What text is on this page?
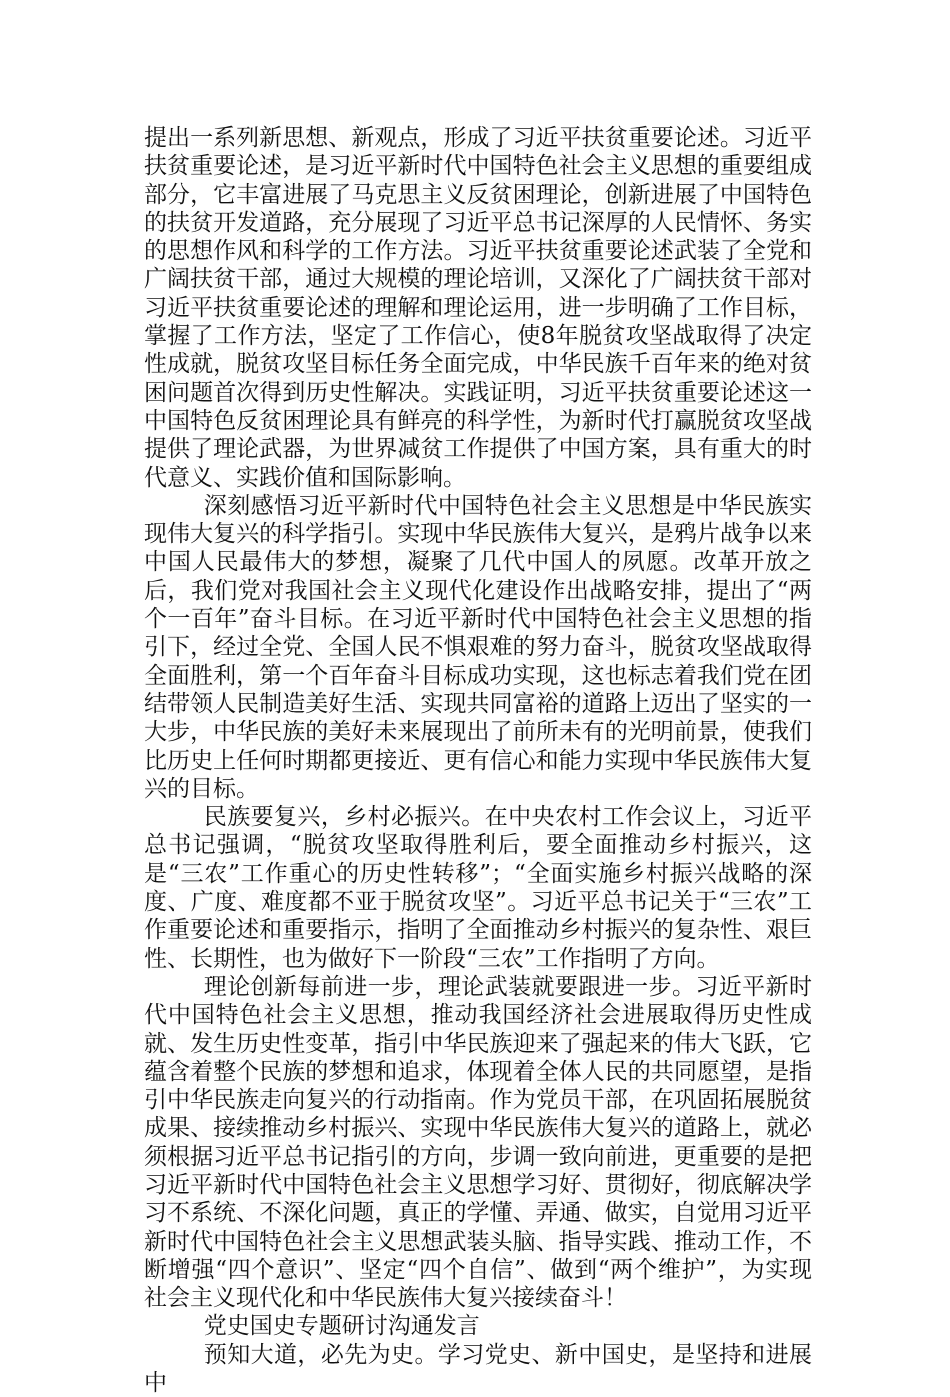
提出一系列新思想、新观点，形成了习近平扶贫重要论述。习近平扶贫重要论述，是习近平新时代中国特色社会主义思想的重要组成部分，它丰富进展了马克思主义反贫困理论，创新进展了中国特色的扶贫开发道路，充分展现了习近平总书记深厚的人民情怀、务实的思想作风和科学的工作方法。习近平扶贫重要论述武装了全党和广阔扶贫干部，通过大规模的理论培训，又深化了广阔扶贫干部对习近平扶贫重要论述的理解和理论运用，进一步明确了工作目标，掌握了工作方法，坚定了工作信心，使8年脱贫攻坚战取得了决定性成就，脱贫攻坚目标任务全面完成，中华民族千百年来的绝对贫困问题首次得到历史性解决。实践证明，习近平扶贫重要论述这一中国特色反贫困理论具有鲜亮的科学性，为新时代打赢脱贫攻坚战提供了理论武器，为世界减贫工作提供了中国方案，具有重大的时代意义、实践价值和国际影响。

深刻感悟习近平新时代中国特色社会主义思想是中华民族实现伟大复兴的科学指引。实现中华民族伟大复兴，是鸦片战争以来中国人民最伟大的梦想，凝聚了几代中国人的夙愿。改革开放之后，我们党对我国社会主义现代化建设作出战略安排，提出了“两个一百年”奋斗目标。在习近平新时代中国特色社会主义思想的指引下，经过全党、全国人民不惧艰难的努力奋斗，脱贫攻坚战取得全面胜利，第一个百年奋斗目标成功实现，这也标志着我们党在团结带领人民制造美好生活、实现共同富裕的道路上迈出了坚实的一大步，中华民族的美好未来展现出了前所未有的光明前景，使我们比历史上任何时期都更接近、更有信心和能力实现中华民族伟大复兴的目标。

民族要复兴，乡村必振兴。在中央农村工作会议上，习近平总书记强调，“脱贫攻坚取得胜利后，要全面推动乡村振兴，这是“三农”工作重心的历史性转移”；“全面实施乡村振兴战略的深度、广度、难度都不亚于脱贫攻坚”。习近平总书记关于“三农”工作重要论述和重要指示，指明了全面推动乡村振兴的复杂性、艰巨性、长期性，也为做好下一阶段“三农”工作指明了方向。

理论创新每前进一步，理论武装就要跟进一步。习近平新时代中国特色社会主义思想，推动我国经济社会进展取得历史性成就、发生历史性变革，指引中华民族迎来了强起来的伟大飞跃，它蕴含着整个民族的梦想和追求，体现着全体人民的共同愿望，是指引中华民族走向复兴的行动指南。作为党员干部，在巩固拓展脱贫成果、接续推动乡村振兴、实现中华民族伟大复兴的道路上，就必须根据习近平总书记指引的方向，步调一致向前进，更重要的是把习近平新时代中国特色社会主义思想学习好、贯彻好，彻底解决学习不系统、不深化问题，真正的学懂、弄通、做实，自觉用习近平新时代中国特色社会主义思想武装头脑、指导实践、推动工作，不断增强“四个意识”、坚定“四个自信”、做到“两个维护”，为实现社会主义现代化和中华民族伟大复兴接续奋斗！

党史国史专题研讨沟通发言

预知大道，必先为史。学习党史、新中国史，是坚持和进展中
